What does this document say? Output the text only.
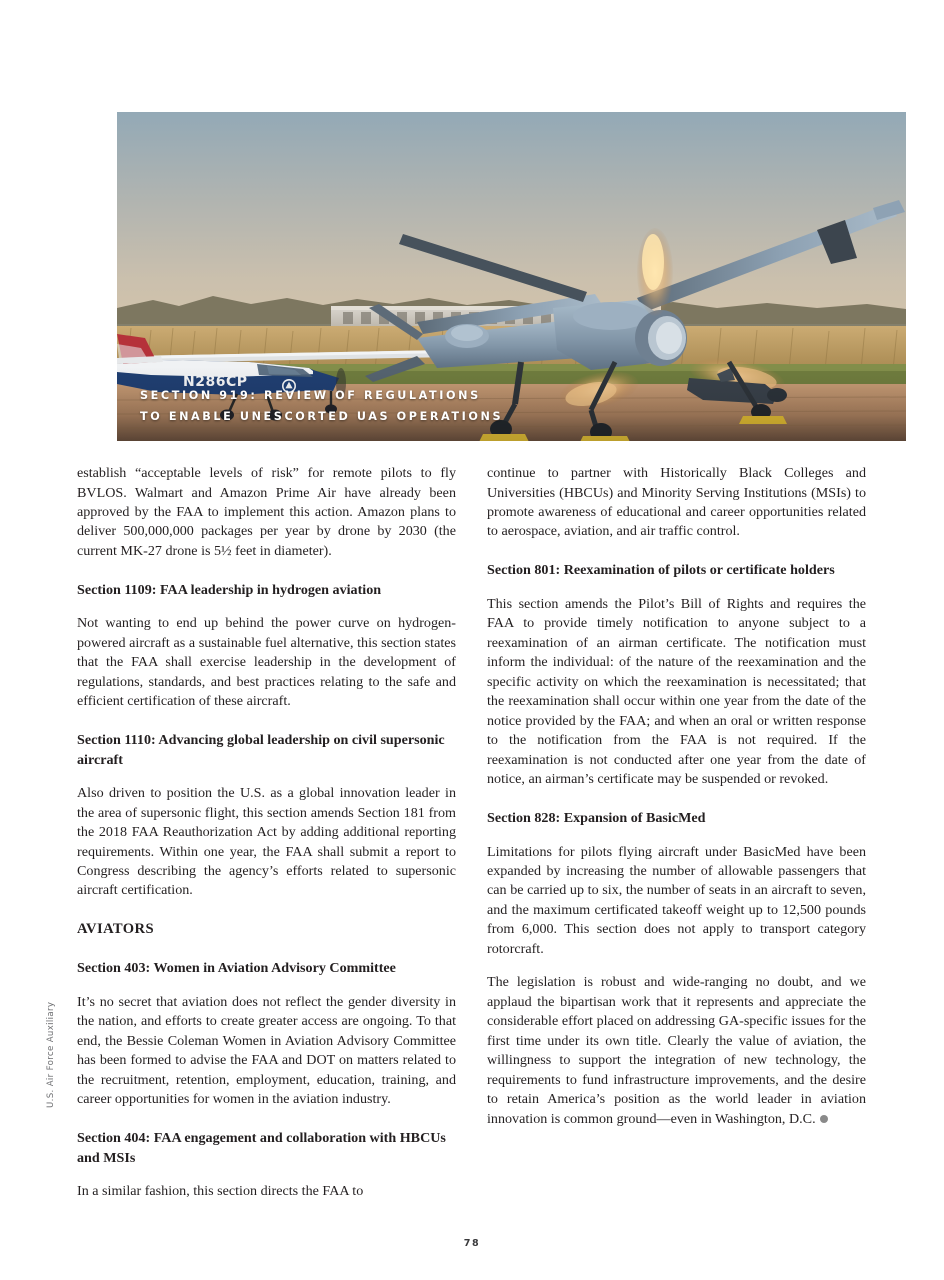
SECTION 919: REVIEW OF REGULATIONS
TO ENABLE UNESCORTED UAS OPERATIONS

establish “acceptable levels of risk” for remote pilots to fly BVLOS. Walmart and Amazon Prime Air have already been approved by the FAA to implement this action. Amazon plans to deliver 500,000,000 packages per year by drone by 2030 (the current MK-27 drone is 5½ feet in diameter).

Section 1109: FAA leadership in hydrogen aviation

Not wanting to end up behind the power curve on hydrogen-powered aircraft as a sustainable fuel alternative, this section states that the FAA shall exercise leadership in the development of regulations, standards, and best practices relating to the safe and efficient certification of these aircraft.

Section 1110: Advancing global leadership on civil supersonic aircraft

Also driven to position the U.S. as a global innovation leader in the area of supersonic flight, this section amends Section 181 from the 2018 FAA Reauthorization Act by adding additional reporting requirements. Within one year, the FAA shall submit a report to Congress describing the agency’s efforts related to supersonic aircraft certification.

AVIATORS
Section 403: Women in Aviation Advisory Committee

It’s no secret that aviation does not reflect the gender diversity in the nation, and efforts to create greater access are ongoing. To that end, the Bessie Coleman Women in Aviation Advisory Committee has been formed to advise the FAA and DOT on matters related to the recruitment, retention, employment, education, training, and career opportunities for women in the aviation industry.

Section 404: FAA engagement and collaboration with HBCUs and MSIs

In a similar fashion, this section directs the FAA to

continue to partner with Historically Black Colleges and Universities (HBCUs) and Minority Serving Institutions (MSIs) to promote awareness of educational and career opportunities related to aerospace, aviation, and air traffic control.

Section 801: Reexamination of pilots or certificate holders

This section amends the Pilot’s Bill of Rights and requires the FAA to provide timely notification to anyone subject to a reexamination of an airman certificate. The notification must inform the individual: of the nature of the reexamination and the specific activity on which the reexamination is necessitated; that the reexamination shall occur within one year from the date of the notice provided by the FAA; and when an oral or written response to the notification from the FAA is not required. If the reexamination is not conducted after one year from the date of notice, an airman’s certificate may be suspended or revoked.

Section 828: Expansion of BasicMed

Limitations for pilots flying aircraft under BasicMed have been expanded by increasing the number of allowable passengers that can be carried up to six, the number of seats in an aircraft to seven, and the maximum certificated takeoff weight up to 12,500 pounds from 6,000. This section does not apply to transport category rotorcraft.

The legislation is robust and wide-ranging no doubt, and we applaud the bipartisan work that it represents and appreciate the considerable effort placed on addressing GA-specific issues for the first time under its own title. Clearly the value of aviation, the willingness to support the integration of new technology, the requirements to fund infrastructure improvements, and the desire to retain America’s position as the world leader in aviation innovation is common ground—even in Washington, D.C.

U.S. Air Force Auxiliary
78
